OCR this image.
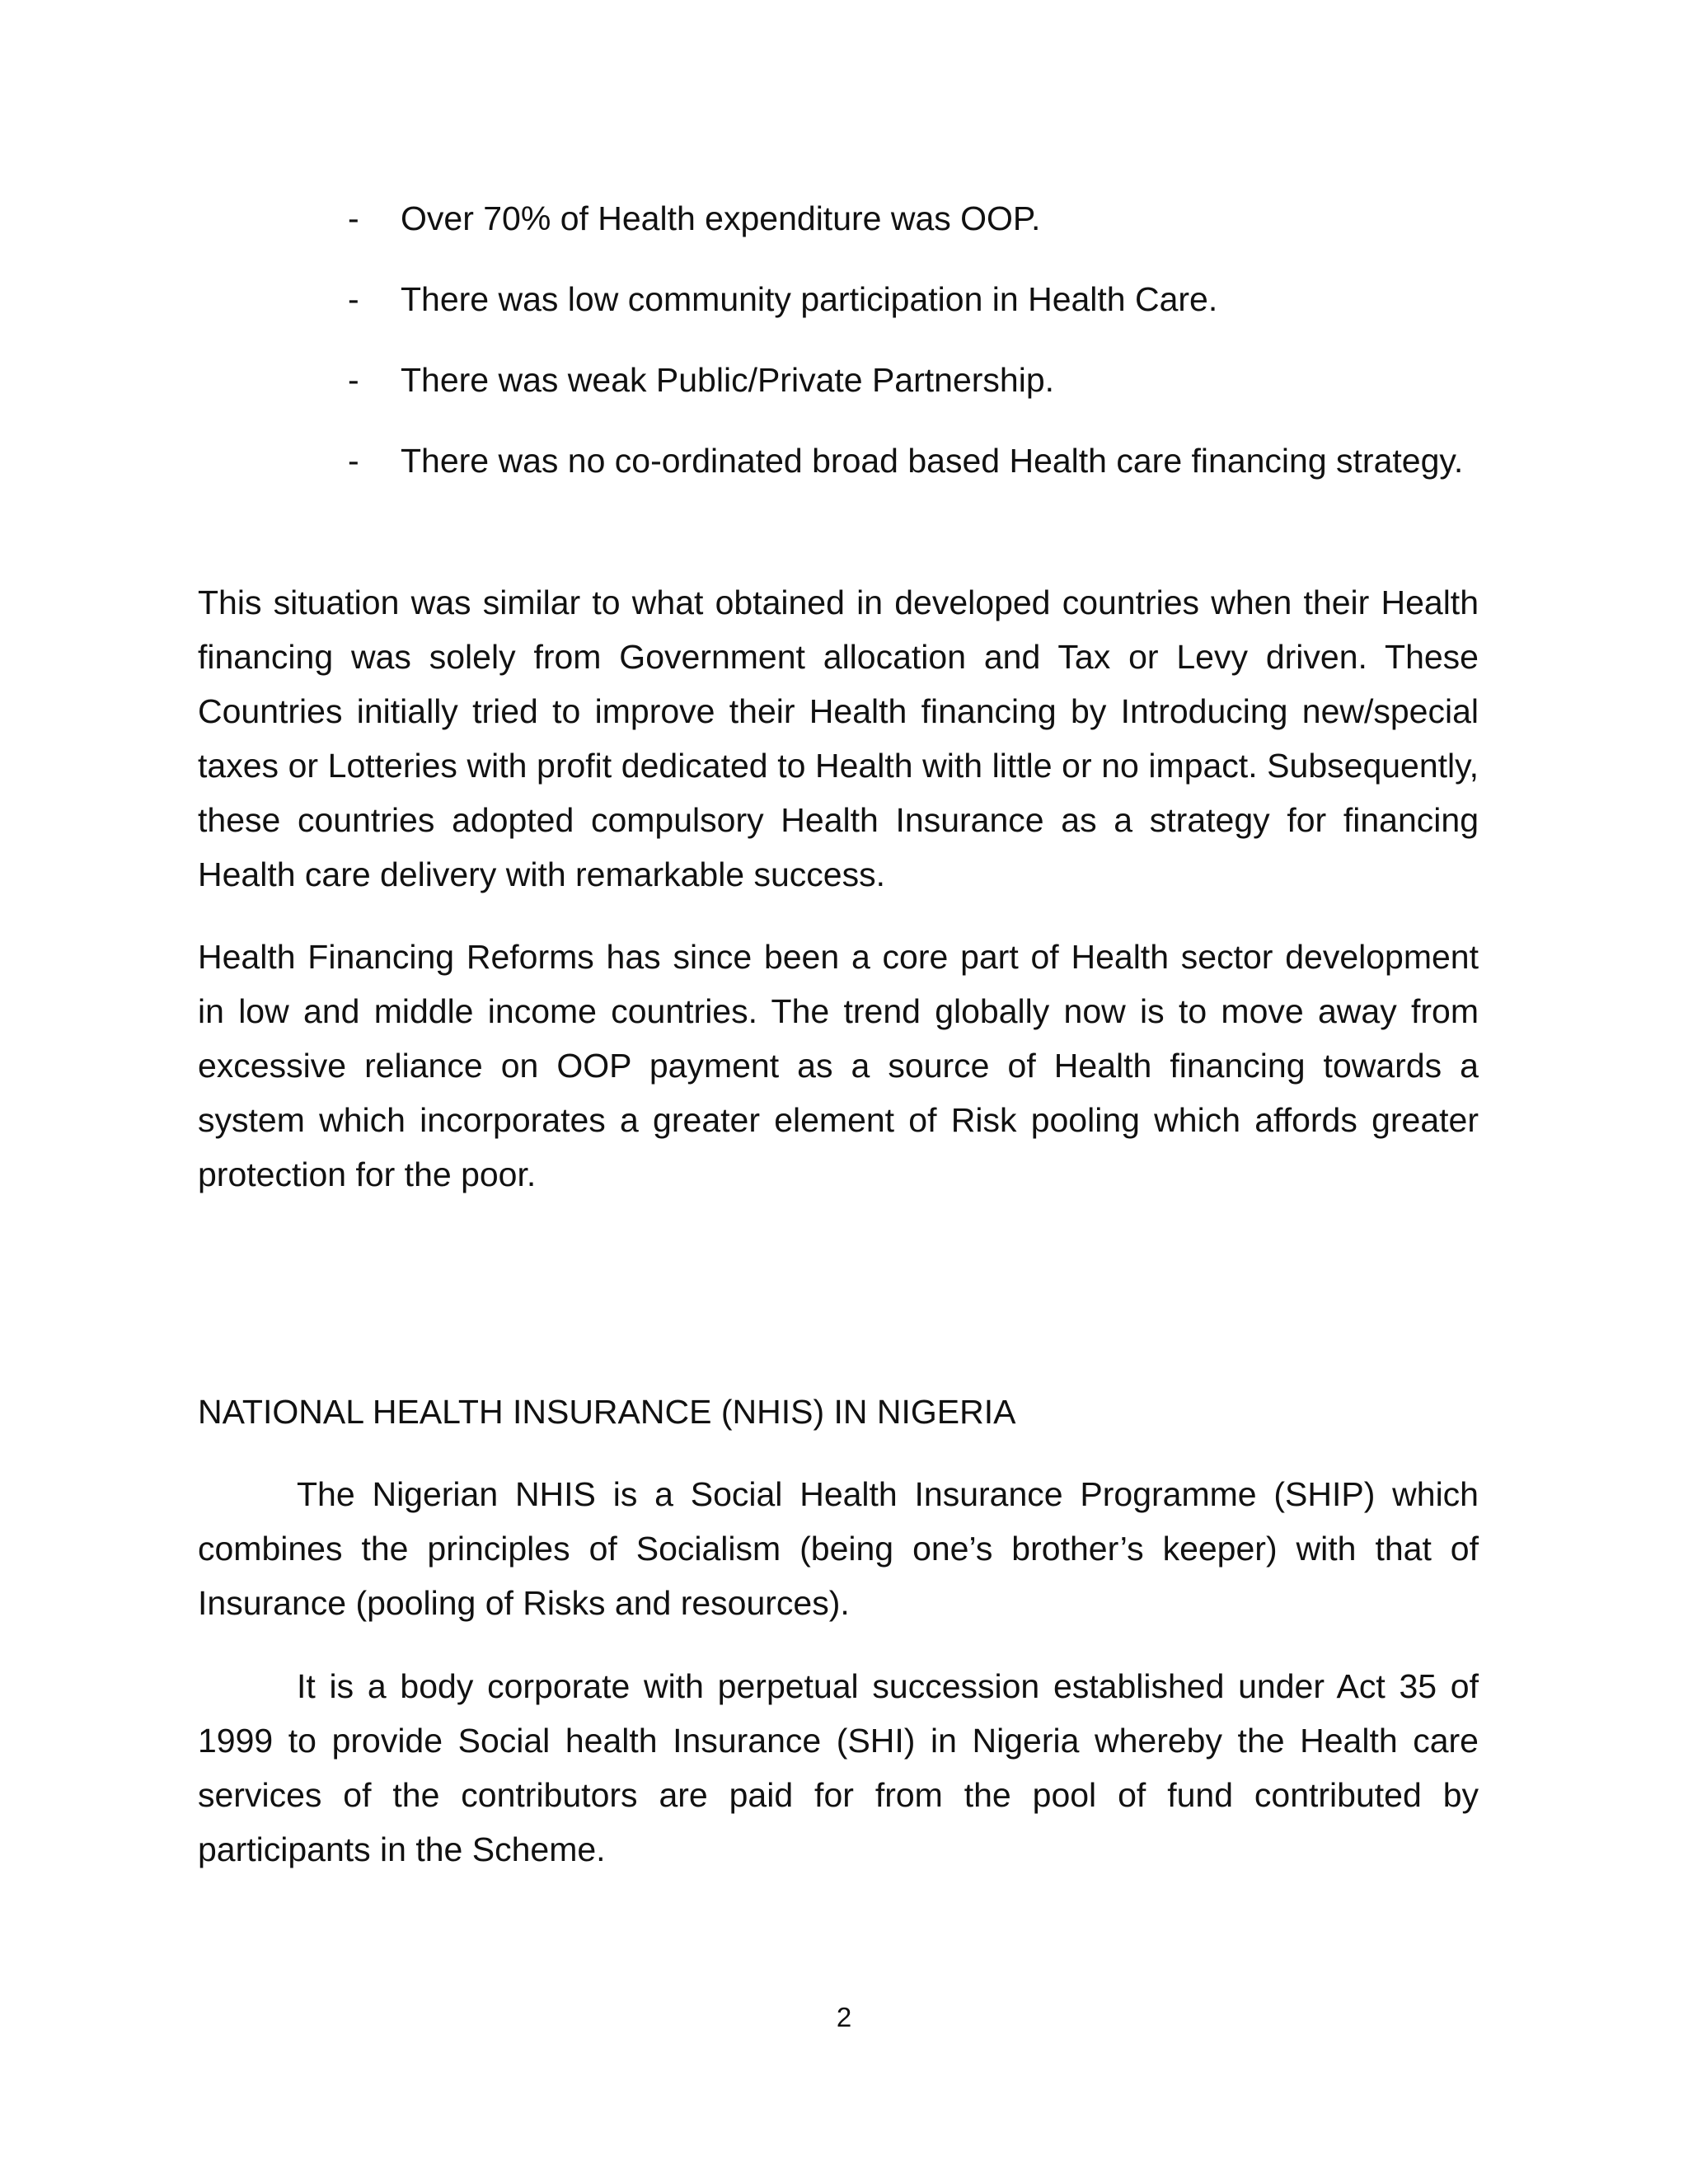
- Over 70% of Health expenditure was OOP.
- There was low community participation in Health Care.
- There was weak Public/Private Partnership.
- There was no co-ordinated broad based Health care financing strategy.

This situation was similar to what obtained in developed countries when their Health financing was solely from Government allocation and Tax or Levy driven. These Countries initially tried to improve their Health financing by Introducing new/special taxes or Lotteries with profit dedicated to Health with little or no impact. Subsequently, these countries adopted compulsory Health Insurance as a strategy for financing Health care delivery with remarkable success.

Health Financing Reforms has since been a core part of Health sector development in low and middle income countries. The trend globally now is to move away from excessive reliance on OOP payment as a source of Health financing towards a system which incorporates a greater element of Risk pooling which affords greater protection for the poor.

NATIONAL HEALTH INSURANCE (NHIS) IN NIGERIA

The Nigerian NHIS is a Social Health Insurance Programme (SHIP) which combines the principles of Socialism (being one’s brother’s keeper) with that of Insurance (pooling of Risks and resources).

It is a body corporate with perpetual succession established under Act 35 of 1999 to provide Social health Insurance (SHI) in Nigeria whereby the Health care services of the contributors are paid for from the pool of fund contributed by participants in the Scheme.

2
